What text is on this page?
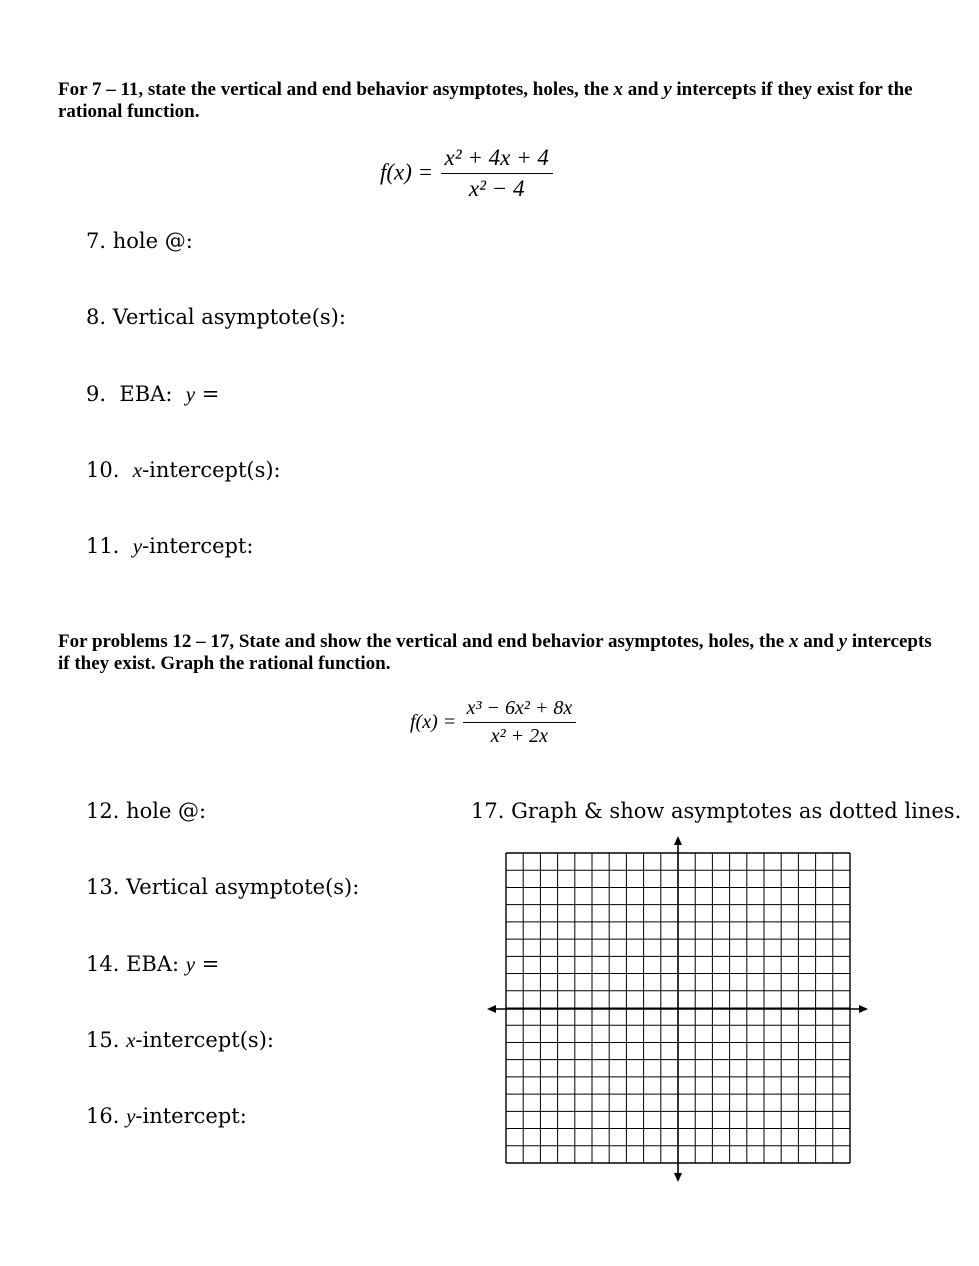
For 7 – 11, state the vertical and end behavior asymptotes, holes, the x and y intercepts if they exist for the rational function.
$f(x) = \frac{\text{x² + 4x + 4}}{\text{x² − 4}}$
7. hole @:
8. Vertical asymptote(s):
9.  EBA:  y =
10.  x-intercept(s):
11.  y-intercept:
For problems 12 – 17, State and show the vertical and end behavior asymptotes, holes, the x and y intercepts if they exist. Graph the rational function.
$f(x) = \frac{\text{x³ − 6x² + 8x}}{\text{x² + 2x}}$
12. hole @:
13. Vertical asymptote(s):
14. EBA: y =
15. x-intercept(s):
16. y-intercept:
17. Graph & show asymptotes as dotted lines.
